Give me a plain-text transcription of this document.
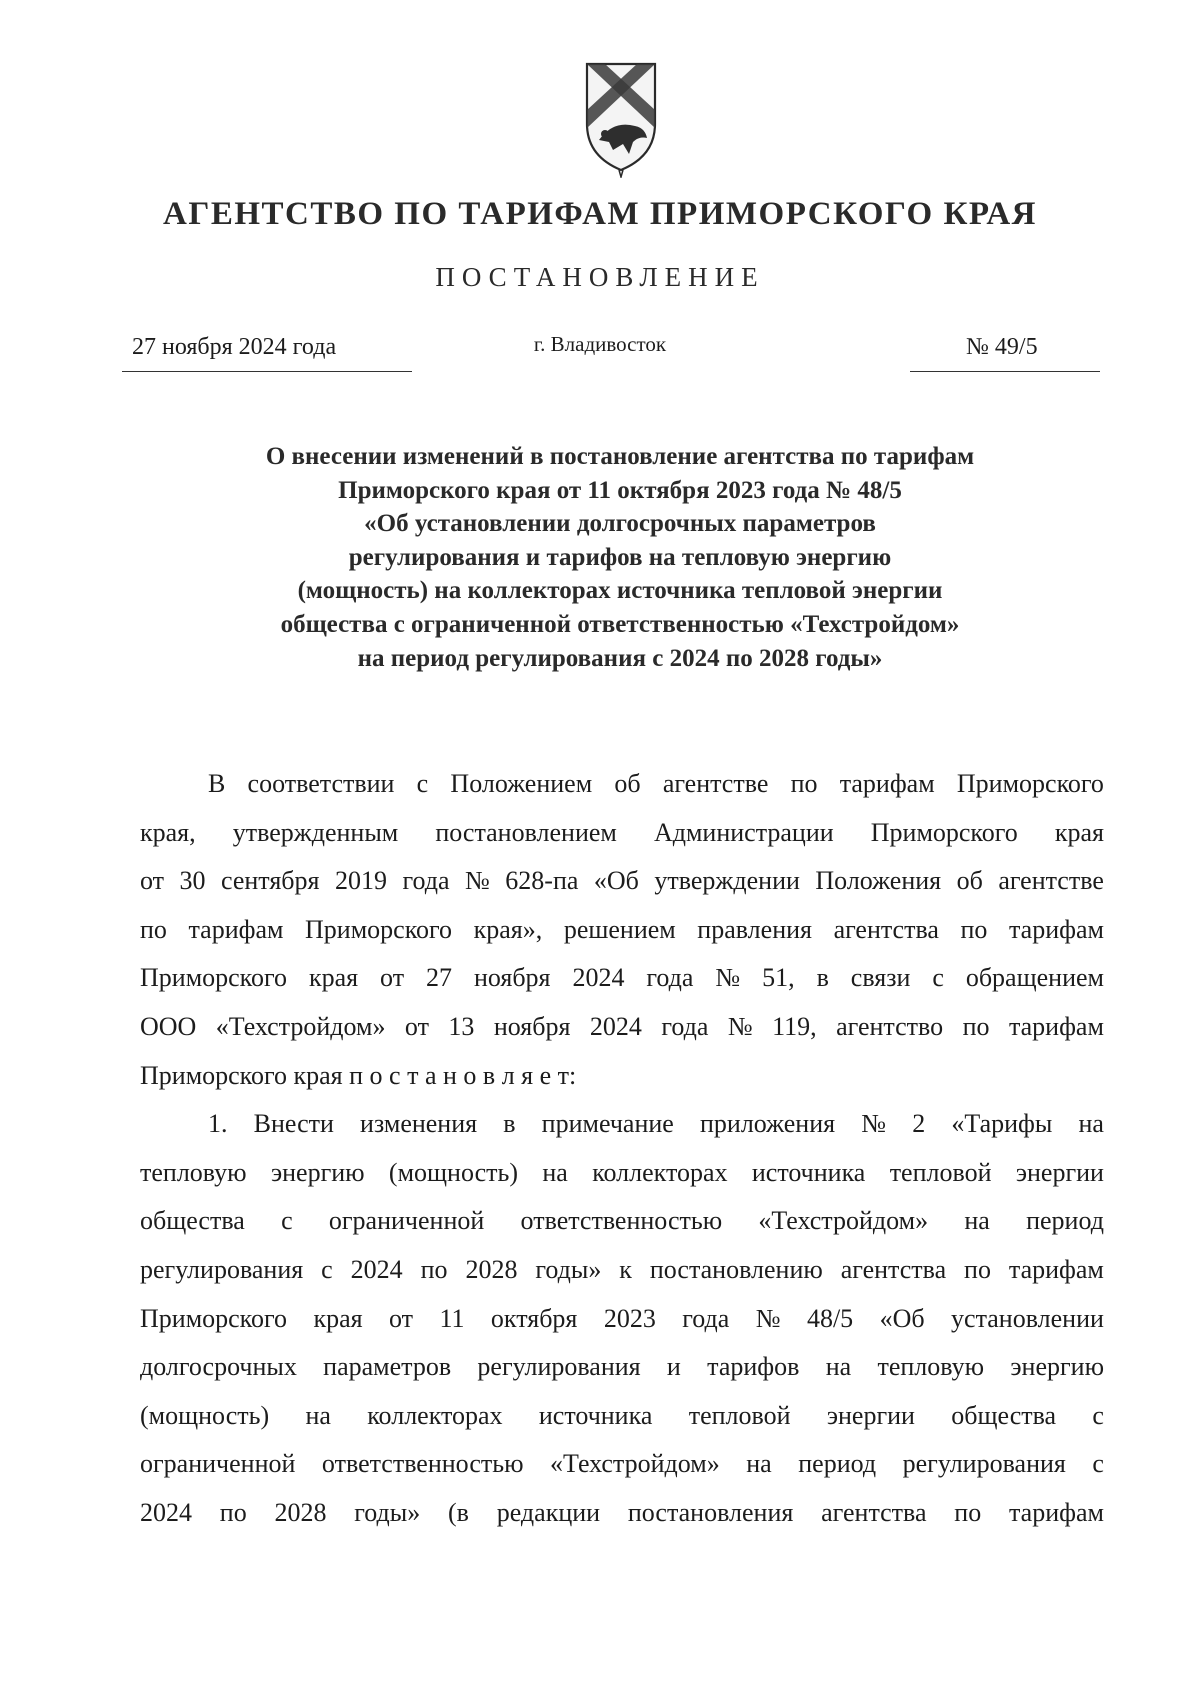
АГЕНТСТВО ПО ТАРИФАМ ПРИМОРСКОГО КРАЯ
ПОСТАНОВЛЕНИЕ
27 ноября 2024 года	г. Владивосток	№ 49/5
О внесении изменений в постановление агентства по тарифам
Приморского края от 11 октября 2023 года № 48/5
«Об установлении долгосрочных параметров
регулирования и тарифов на тепловую энергию
(мощность) на коллекторах источника тепловой энергии
общества с ограниченной ответственностью «Техстройдом»
на период регулирования с 2024 по 2028 годы»
В соответствии с Положением об агентстве по тарифам Приморского
края, утвержденным постановлением Администрации Приморского края
от 30 сентября 2019 года № 628-па «Об утверждении Положения об агентстве
по тарифам Приморского края», решением правления агентства по тарифам
Приморского края от 27 ноября 2024 года № 51, в связи с обращением
ООО «Техстройдом» от 13 ноября 2024 года № 119, агентство по тарифам
Приморского края п о с т а н о в л я е т:
1. Внести изменения в примечание приложения № 2 «Тарифы на
тепловую энергию (мощность) на коллекторах источника тепловой энергии
общества с ограниченной ответственностью «Техстройдом» на период
регулирования с 2024 по 2028 годы» к постановлению агентства по тарифам
Приморского края от 11 октября 2023 года № 48/5 «Об установлении
долгосрочных параметров регулирования и тарифов на тепловую энергию
(мощность) на коллекторах источника тепловой энергии общества с
ограниченной ответственностью «Техстройдом» на период регулирования с
2024 по 2028 годы» (в редакции постановления агентства по тарифам
